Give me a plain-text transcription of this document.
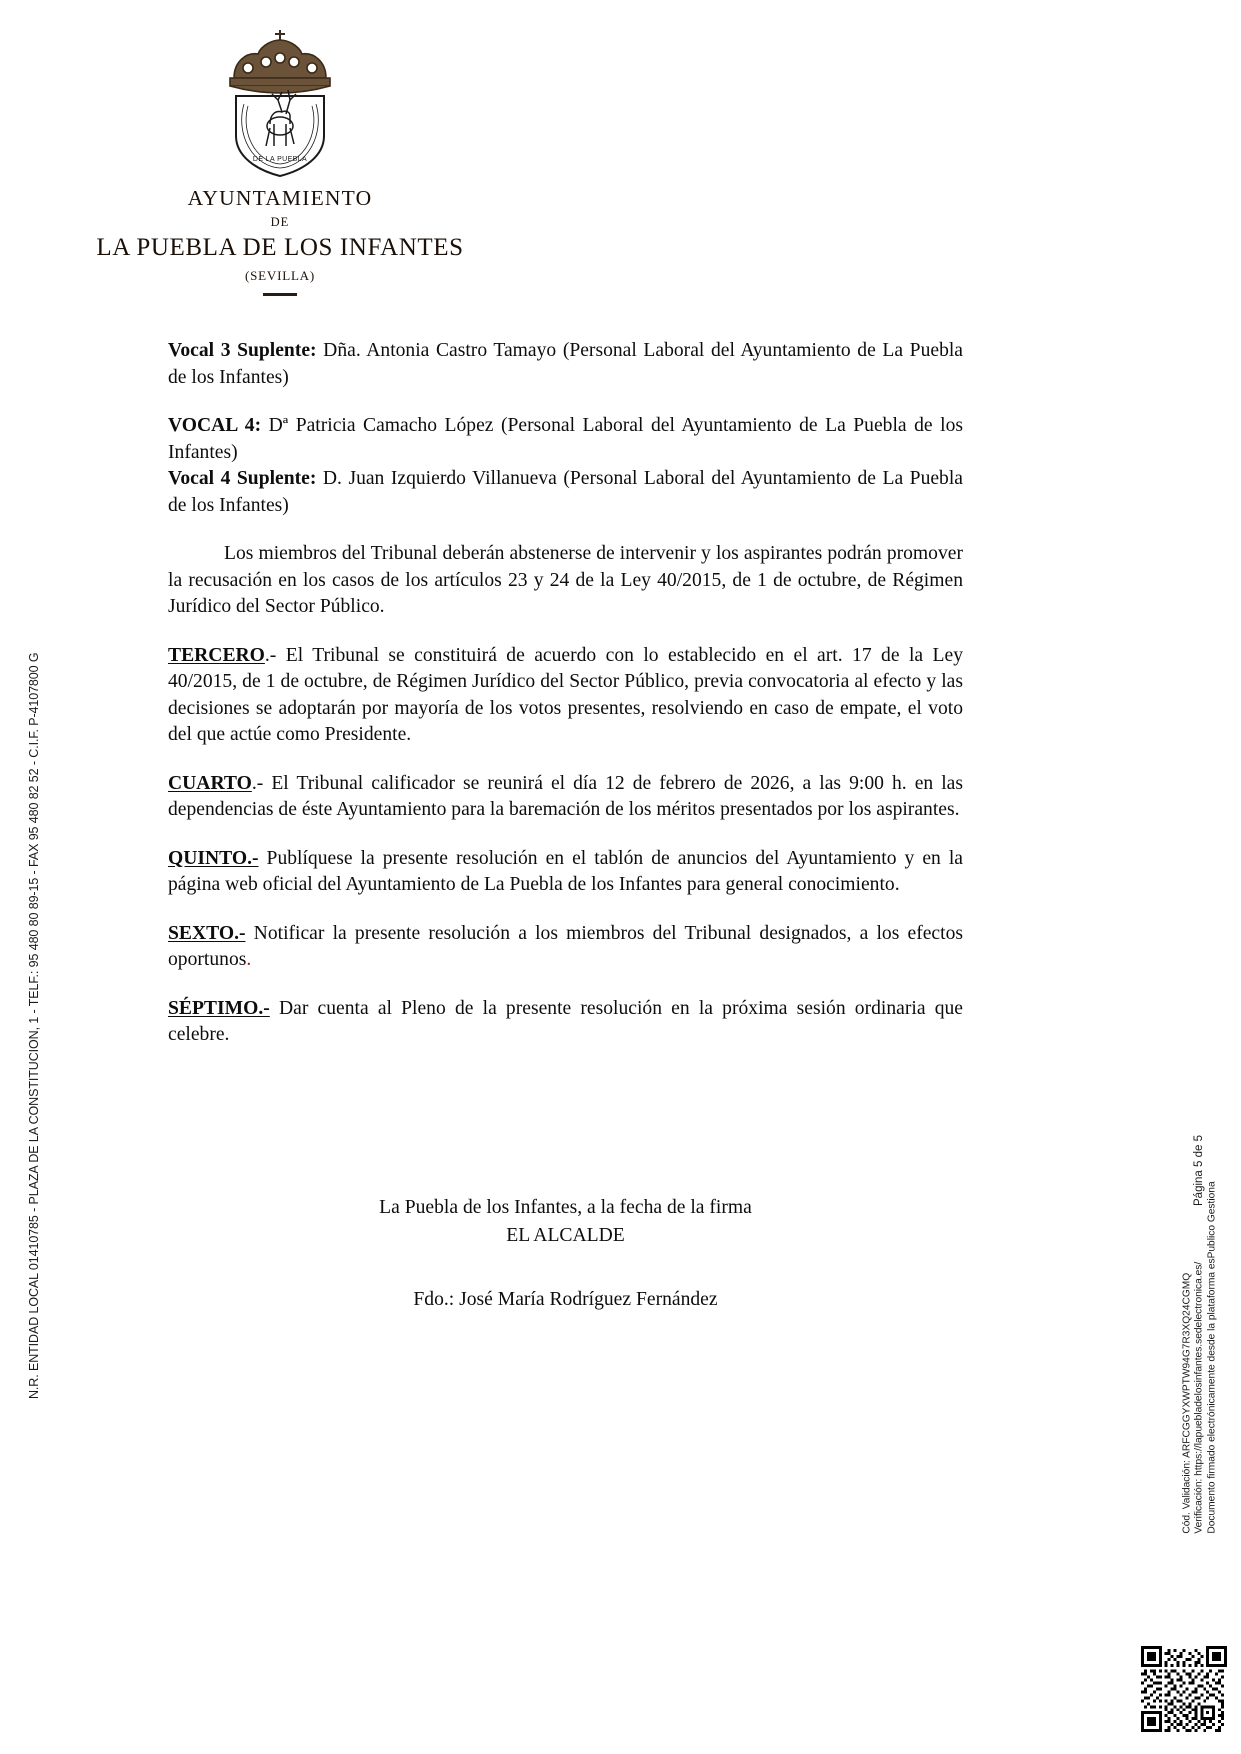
N.R. ENTIDAD LOCAL 01410785 - PLAZA DE LA CONSTITUCION, 1 - TELF.: 95 480 80 89-15 - FAX 95 480 82 52 - C.I.F. P-4107800 G
DE LA PUEBLA
AYUNTAMIENTO
DE
LA PUEBLA DE LOS INFANTES
(SEVILLA)

Vocal 3 Suplente: Dña. Antonia Castro Tamayo (Personal Laboral del Ayuntamiento de La Puebla de los Infantes)

VOCAL 4: Dª Patricia Camacho López (Personal Laboral del Ayuntamiento de La Puebla de los Infantes)

Vocal 4 Suplente: D. Juan Izquierdo Villanueva (Personal Laboral del Ayuntamiento de La Puebla de los Infantes)

Los miembros del Tribunal deberán abstenerse de intervenir y los aspirantes podrán promover la recusación en los casos de los artículos 23 y 24 de la Ley 40/2015, de 1 de octubre, de Régimen Jurídico del Sector Público.

TERCERO.- El Tribunal se constituirá de acuerdo con lo establecido en el art. 17 de la Ley 40/2015, de 1 de octubre, de Régimen Jurídico del Sector Público, previa convocatoria al efecto y las decisiones se adoptarán por mayoría de los votos presentes, resolviendo en caso de empate, el voto del que actúe como Presidente.

CUARTO.- El Tribunal calificador se reunirá el día 12 de febrero de 2026, a las 9:00 h. en las dependencias de éste Ayuntamiento para la baremación de los méritos presentados por los aspirantes.

QUINTO.- Publíquese la presente resolución en el tablón de anuncios del Ayuntamiento y en la página web oficial del Ayuntamiento de La Puebla de los Infantes para general conocimiento.

SEXTO.- Notificar la presente resolución a los miembros del Tribunal designados, a los efectos oportunos.

SÉPTIMO.- Dar cuenta al Pleno de la presente resolución en la próxima sesión ordinaria que celebre.

La Puebla de los Infantes, a la fecha de la firma
EL ALCALDE
Fdo.: José María Rodríguez Fernández
Página 5 de 5
Cód. Validación: ARFCGGYXWPTW94G7R3XQ24CGMQ Verificación: https://lapuebladelosinfantes.sedelectronica.es/ Documento firmado electrónicamente desde la plataforma esPublico Gestiona
